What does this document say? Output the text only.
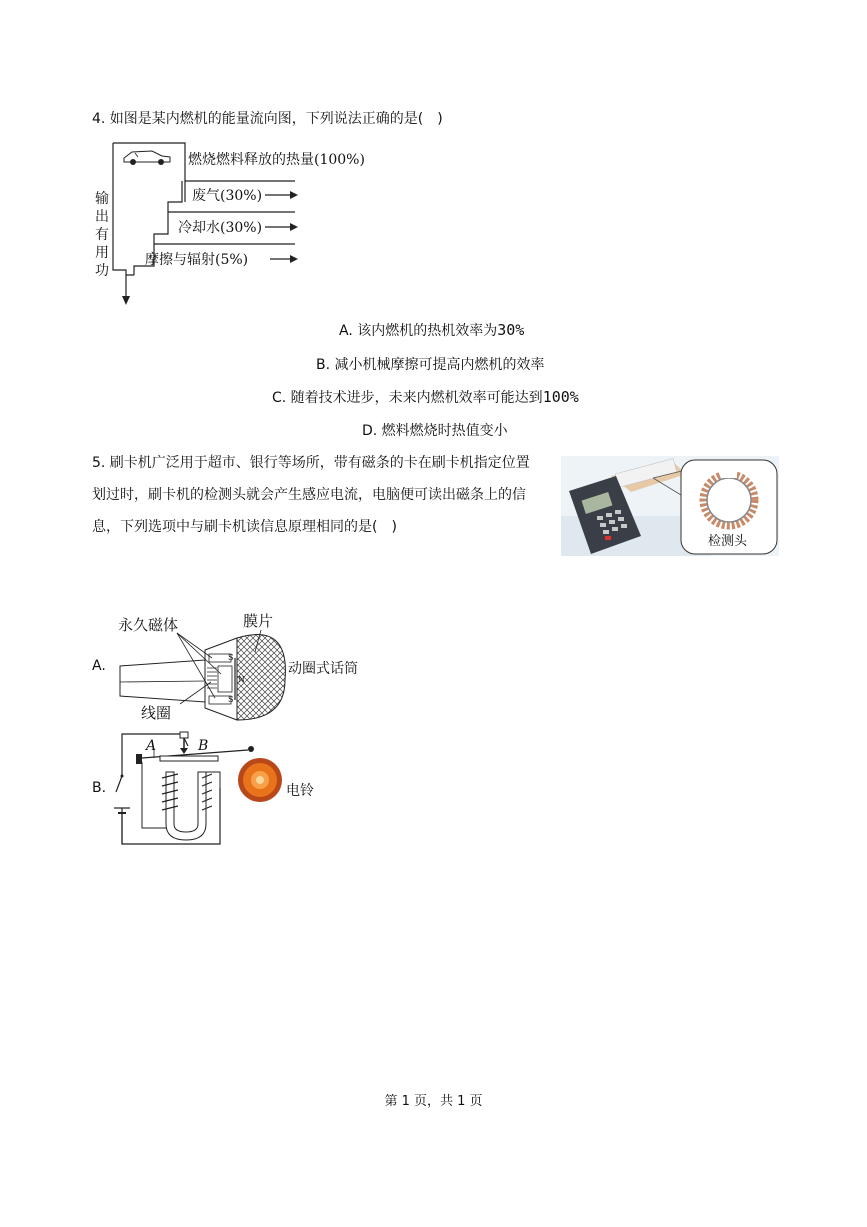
4. 如图是某内燃机的能量流向图，下列说法正确的是(　)
燃烧燃料释放的热量(100%)
废气(30%)
冷却水(30%)
摩擦与辐射(5%)
输
出
有
用
功
A. 该内燃机的热机效率为30%
B. 减小机械摩擦可提高内燃机的效率
C. 随着技术进步，未来内燃机效率可能达到100%
D. 燃料燃烧时热值变小
5. 刷卡机广泛用于超市、银行等场所，带有磁条的卡在刷卡机指定位置
划过时，刷卡机的检测头就会产生感应电流，电脑便可读出磁条上的信
息，下列选项中与刷卡机读信息原理相同的是(　)
检测头
A.
S
N
S
永久磁体	膜片
线圈
动圈式话筒
B.
A	B
电铃
第 1 页，共 1 页
